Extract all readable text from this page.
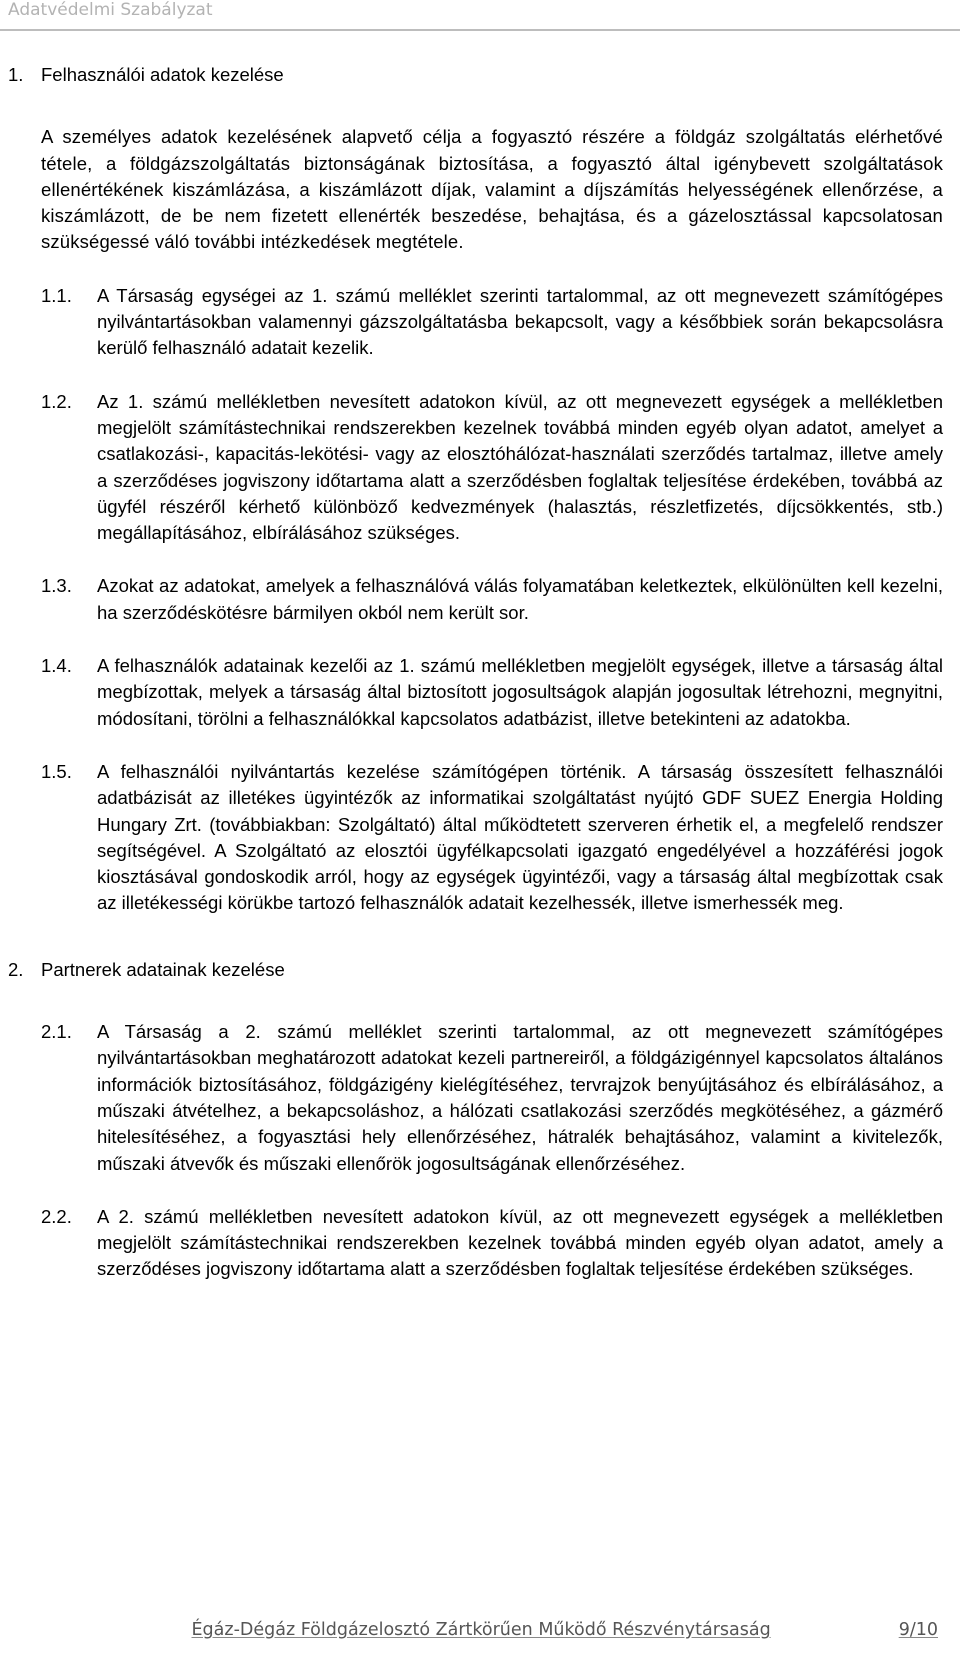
Adatvédelmi Szabályzat
1. Felhasználói adatok kezelése
A személyes adatok kezelésének alapvető célja a fogyasztó részére a földgáz szolgáltatás elérhetővé tétele, a földgázszolgáltatás biztonságának biztosítása, a fogyasztó által igénybevett szolgáltatások ellenértékének kiszámlázása, a kiszámlázott díjak, valamint a díjszámítás helyességének ellenőrzése, a kiszámlázott, de be nem fizetett ellenérték beszedése, behajtása, és a gázelosztással kapcsolatosan szükségessé váló további intézkedések megtétele.
1.1.	A Társaság egységei az 1. számú melléklet szerinti tartalommal, az ott megnevezett számítógépes nyilvántartásokban valamennyi gázszolgáltatásba bekapcsolt, vagy a későbbiek során bekapcsolásra kerülő felhasználó adatait kezelik.
1.2.	Az 1. számú mellékletben nevesített adatokon kívül, az ott megnevezett egységek a mellékletben megjelölt számítástechnikai rendszerekben kezelnek továbbá minden egyéb olyan adatot, amelyet a csatlakozási-, kapacitás-lekötési- vagy az elosztóhálózat-használati szerződés tartalmaz, illetve amely a szerződéses jogviszony időtartama alatt a szerződésben foglaltak teljesítése érdekében, továbbá az ügyfél részéről kérhető különböző kedvezmények (halasztás, részletfizetés, díjcsökkentés, stb.) megállapításához, elbírálásához szükséges.
1.3.	Azokat az adatokat, amelyek a felhasználóvá válás folyamatában keletkeztek, elkülönülten kell kezelni, ha szerződéskötésre bármilyen okból nem került sor.
1.4.	A felhasználók adatainak kezelői az 1. számú mellékletben megjelölt egységek, illetve a társaság által megbízottak, melyek a társaság által biztosított jogosultságok alapján jogosultak létrehozni, megnyitni, módosítani, törölni a felhasználókkal kapcsolatos adatbázist, illetve betekinteni az adatokba.
1.5.	A felhasználói nyilvántartás kezelése számítógépen történik. A társaság összesített felhasználói adatbázisát az illetékes ügyintézők az informatikai szolgáltatást nyújtó GDF SUEZ Energia Holding Hungary Zrt. (továbbiakban: Szolgáltató) által működtetett szerveren érhetik el, a megfelelő rendszer segítségével. A Szolgáltató az elosztói ügyfélkapcsolati igazgató engedélyével a hozzáférési jogok kiosztásával gondoskodik arról, hogy az egységek ügyintézői, vagy a társaság által megbízottak csak az illetékességi körükbe tartozó felhasználók adatait kezelhessék, illetve ismerhessék meg.
2. Partnerek adatainak kezelése
2.1.	A Társaság a 2. számú melléklet szerinti tartalommal, az ott megnevezett számítógépes nyilvántartásokban meghatározott adatokat kezeli partnereiről, a földgázigénnyel kapcsolatos általános információk biztosításához, földgázigény kielégítéséhez, tervrajzok benyújtásához és elbírálásához, a műszaki átvételhez, a bekapcsoláshoz, a hálózati csatlakozási szerződés megkötéséhez, a gázmérő hitelesítéséhez, a fogyasztási hely ellenőrzéséhez, hátralék behajtásához, valamint a kivitelezők, műszaki átvevők és műszaki ellenőrök jogosultságának ellenőrzéséhez.
2.2.	A 2. számú mellékletben nevesített adatokon kívül, az ott megnevezett egységek a mellékletben megjelölt számítástechnikai rendszerekben kezelnek továbbá minden egyéb olyan adatot, amely a szerződéses jogviszony időtartama alatt a szerződésben foglaltak teljesítése érdekében szükséges.
Égáz-Dégáz Földgázelosztó Zártkörűen Működő Részvénytársaság	9/10
